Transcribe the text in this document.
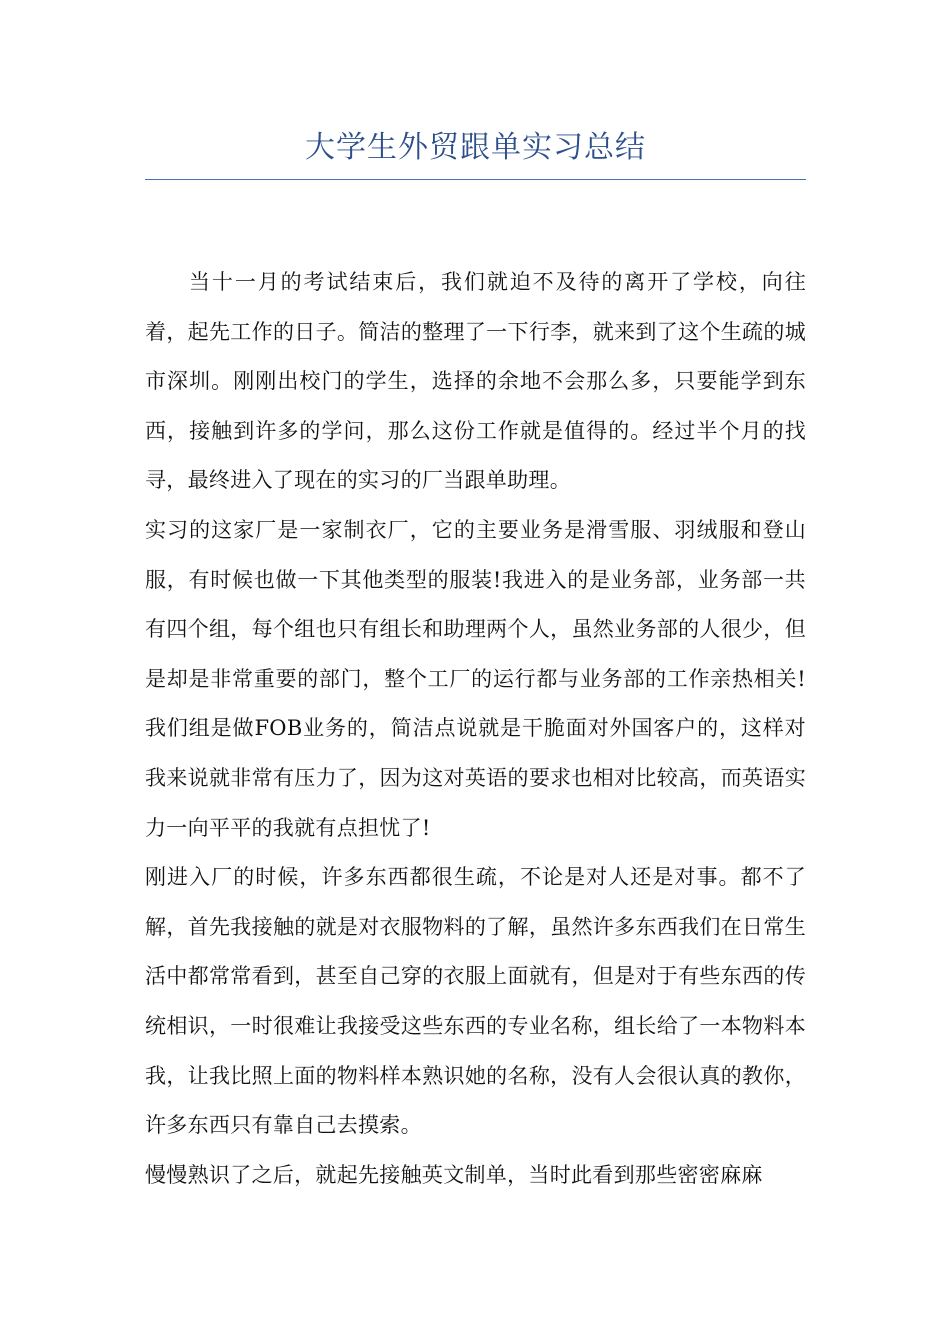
大学生外贸跟单实习总结

当十一月的考试结束后，我们就迫不及待的离开了学校，向往着，起先工作的日子。简洁的整理了一下行李，就来到了这个生疏的城市深圳。刚刚出校门的学生，选择的余地不会那么多，只要能学到东西，接触到许多的学问，那么这份工作就是值得的。经过半个月的找寻，最终进入了现在的实习的厂当跟单助理。

实习的这家厂是一家制衣厂，它的主要业务是滑雪服、羽绒服和登山服，有时候也做一下其他类型的服装!我进入的是业务部，业务部一共有四个组，每个组也只有组长和助理两个人，虽然业务部的人很少，但是却是非常重要的部门，整个工厂的运行都与业务部的工作亲热相关!我们组是做FOB业务的，简洁点说就是干脆面对外国客户的，这样对我来说就非常有压力了，因为这对英语的要求也相对比较高，而英语实力一向平平的我就有点担忧了!

刚进入厂的时候，许多东西都很生疏，不论是对人还是对事。都不了解，首先我接触的就是对衣服物料的了解，虽然许多东西我们在日常生活中都常常看到，甚至自己穿的衣服上面就有，但是对于有些东西的传统相识，一时很难让我接受这些东西的专业名称，组长给了一本物料本我，让我比照上面的物料样本熟识她的名称，没有人会很认真的教你，许多东西只有靠自己去摸索。

慢慢熟识了之后，就起先接触英文制单，当时此看到那些密密麻麻
